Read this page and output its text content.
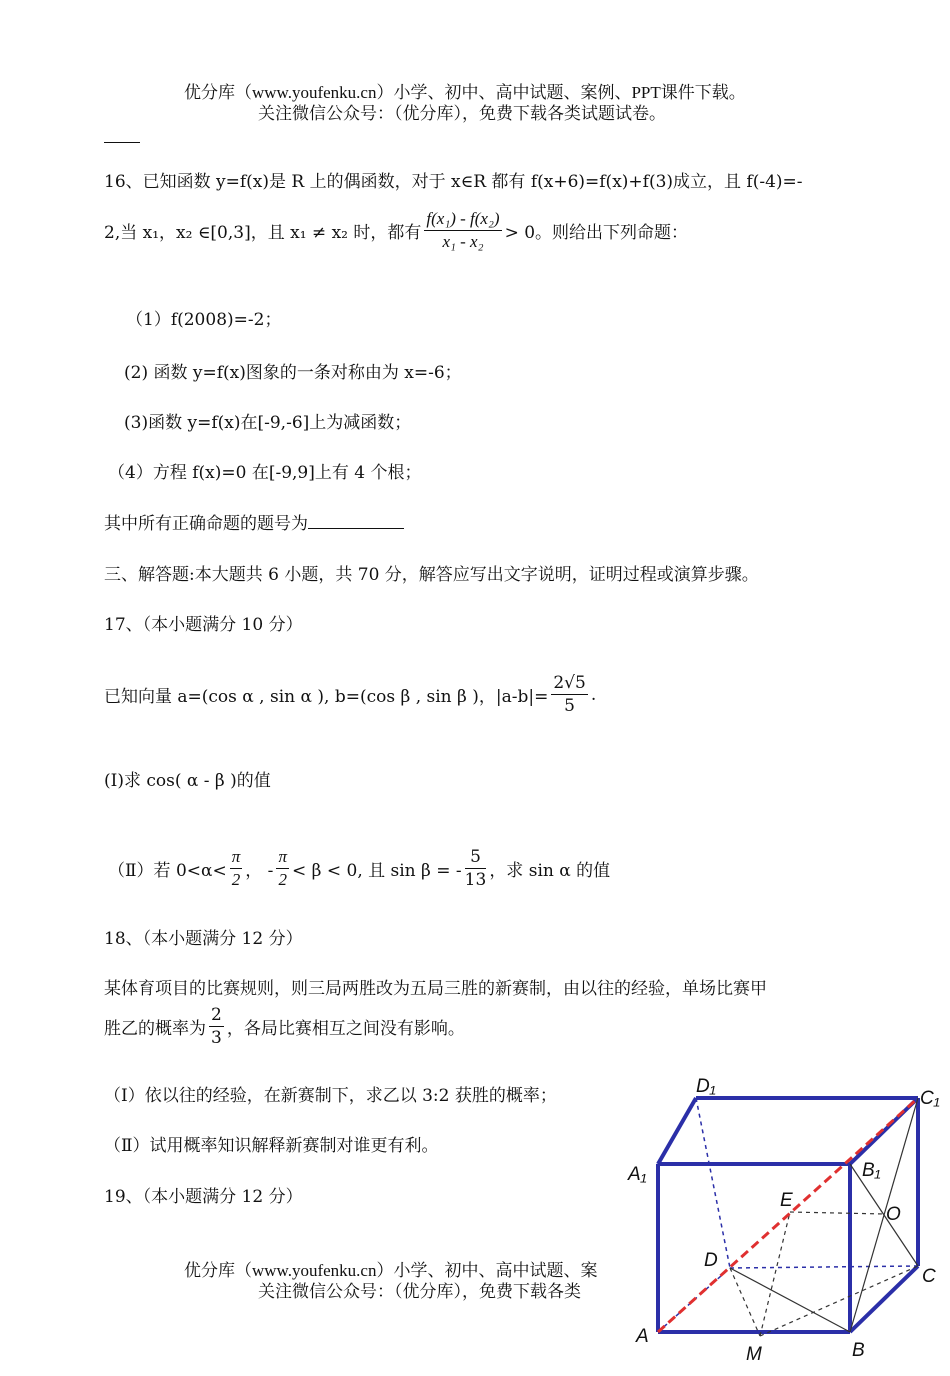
优分库（www.youfenku.cn）小学、初中、高中试题、案例、PPT课件下载。
关注微信公众号：（优分库），免费下载各类试题试卷。
16、已知函数 y=f(x)是 R 上的偶函数，对于 x∈R 都有 f(x+6)=f(x)+f(3)成立，且 f(-4)=-
2,当 x₁，x₂ ∈[0,3]，且 x₁ ≠ x₂ 时，都有 $\frac{\text{f(x₁) - f(x₂)}}{\text{x₁ - x₂}} > 0$。则给出下列命题：
（1）f(2008)=-2；
(2) 函数 y=f(x)图象的一条对称由为 x=-6；
(3)函数 y=f(x)在[-9,-6]上为减函数；
（4）方程 f(x)=0 在[-9,9]上有 4 个根；
其中所有正确命题的题号为
三、解答题:本大题共 6 小题，共 70 分，解答应写出文字说明，证明过程或演算步骤。
17、（本小题满分 10 分）
已知向量 a=(cos α , sin α ), b=(cos β , sin β )，$|a-b|= \frac{2√5}{5}$ .
(Ⅰ)求 cos( α - β )的值
（Ⅱ）若 $0<\alpha< \frac{\pi}{2}$ ， - $\frac{\pi}{2} < \beta < 0$, 且 sin β = - $\frac{5}{13}$ ，求 sin α 的值
18、（本小题满分 12 分）
某体育项目的比赛规则，则三局两胜改为五局三胜的新赛制，由以往的经验，单场比赛甲
胜乙的概率为 $\frac{2}{3}$ ，各局比赛相互之间没有影响。
（Ⅰ）依以往的经验，在新赛制下，求乙以 3:2 获胜的概率；
（Ⅱ）试用概率知识解释新赛制对谁更有利。
19、（本小题满分 12 分）
优分库（www.youfenku.cn）小学、初中、高中试题、案
关注微信公众号：（优分库），免费下载各类
D₁
C₁
A₁	B₁
E
O
D
C
A
M	B
